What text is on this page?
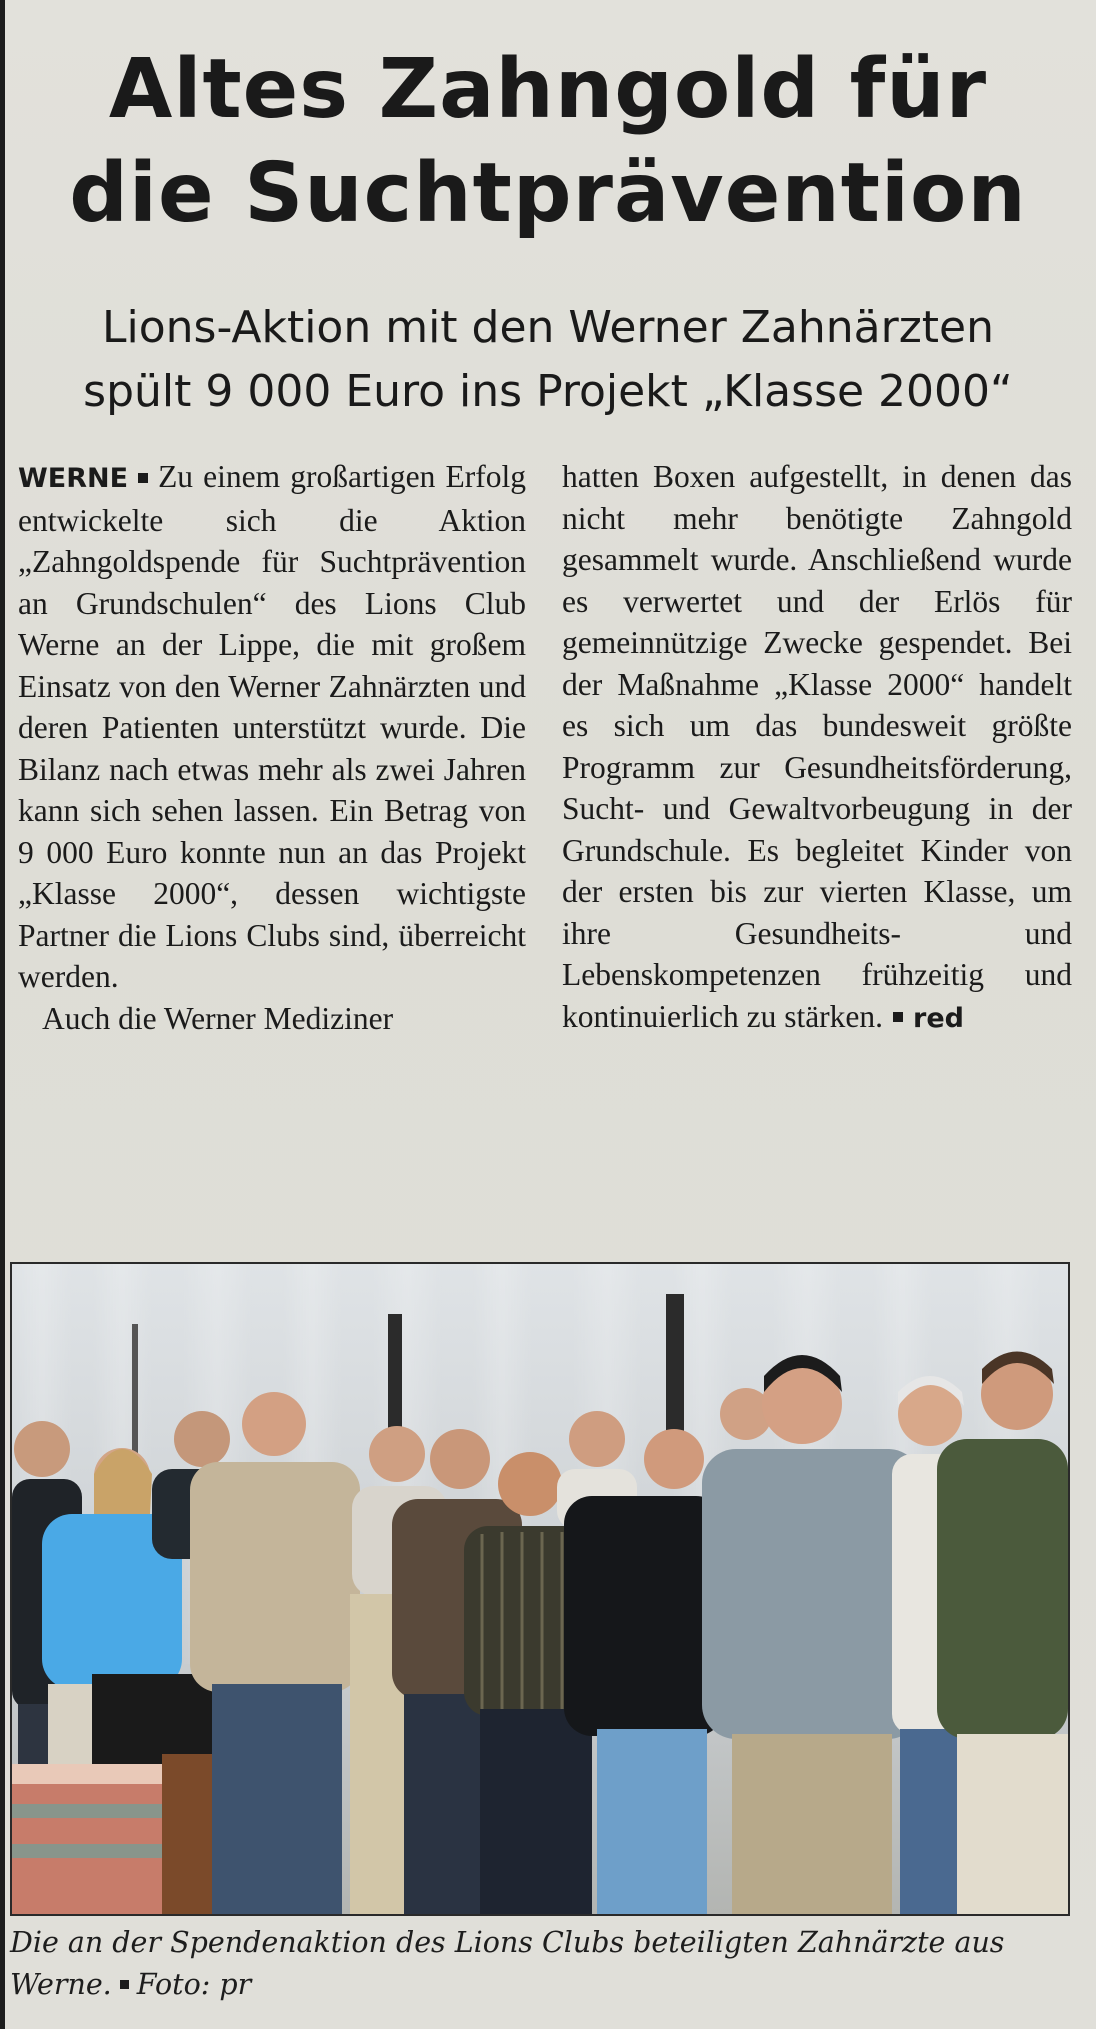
Altes Zahngold für
die Suchtprävention
Lions-Aktion mit den Werner Zahnärzten
spült 9 000 Euro ins Projekt „Klasse 2000“
WERNE Zu einem großartigen Erfolg entwickelte sich die Aktion „Zahngoldspende für Suchtprävention an Grundschulen“ des Lions Club Werne an der Lippe, die mit großem Einsatz von den Werner Zahnärzten und deren Patienten unterstützt wurde. Die Bilanz nach etwas mehr als zwei Jahren kann sich sehen lassen. Ein Betrag von 9 000 Euro konnte nun an das Projekt „Klasse 2000“, dessen wichtigste Partner die Lions Clubs sind, überreicht werden.
Auch die Werner Mediziner
hatten Boxen aufgestellt, in denen das nicht mehr benötigte Zahngold gesammelt wurde. Anschließend wurde es verwertet und der Erlös für gemeinnützige Zwecke gespendet. Bei der Maßnahme „Klasse 2000“ handelt es sich um das bundesweit größte Programm zur Gesundheitsförderung, Sucht- und Gewaltvorbeugung in der Grundschule. Es begleitet Kinder von der ersten bis zur vierten Klasse, um ihre Gesundheits- und Lebenskompetenzen frühzeitig und kontinuierlich zu stärken. red
Die an der Spendenaktion des Lions Clubs beteiligten Zahnärzte aus Werne. Foto: pr
